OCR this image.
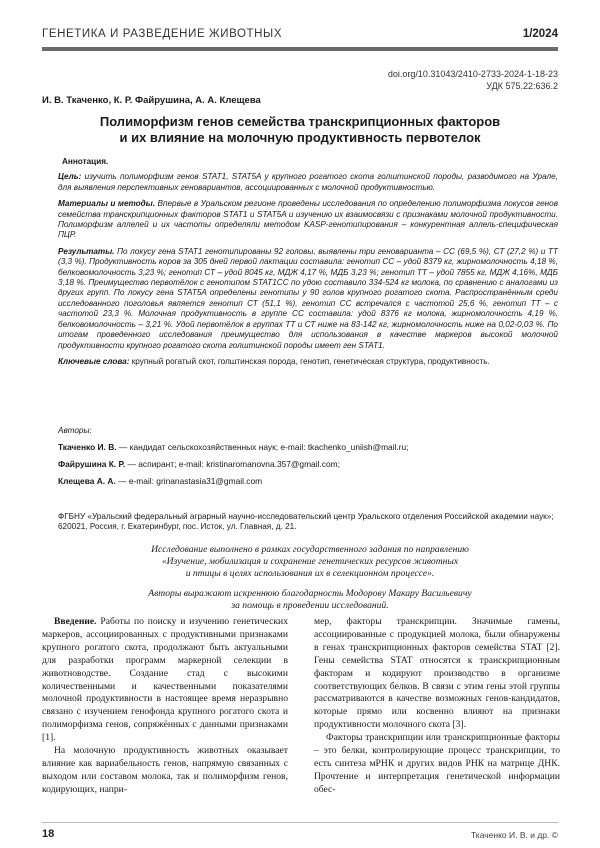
ГЕНЕТИКА И РАЗВЕДЕНИЕ ЖИВОТНЫХ	1/2024
doi.org/10.31043/2410-2733-2024-1-18-23
УДК 575.22:636.2
И. В. Ткаченко, К. Р. Файрушина, А. А. Клещева
Полиморфизм генов семейства транскрипционных факторов
и их влияние на молочную продуктивность первотелок
Аннотация.

Цель: изучить полиморфизм генов STAT1, STAT5A у крупного рогатого скота голштинской породы, разводимого на Урале, для выявления перспективных геновариантов, ассоциированных с молочной продуктивностью.

Материалы и методы. Впервые в Уральском регионе проведены исследования по определению полиморфизма локусов генов семейства транскрипционных факторов STAT1 и STAT5A и изучению их взаимосвязи с признаками молочной продуктивности. Полиморфизм аллелей и их частоты определяли методом KASP-генотипирования – конкурентная аллель-специфическая ПЦР.

Результаты. По локусу гена STAT1 генотипированы 92 головы, выявлены три геноварианта – СС (69,5 %), СТ (27,2 %) и ТТ (3,3 %). Продуктивность коров за 305 дней первой лактации составила: генотип СС – удой 8379 кг, жирномолочность 4,18 %, белковомолочность 3,23 %; генотип СТ – удой 8045 кг, МДЖ 4,17 %, МДБ 3,23 %; генотип ТТ – удой 7855 кг, МДЖ 4,16%, МДБ 3,18 %. Преимущество первотёлок с генотипом STAT1СС по удою составило 334-524 кг молока, по сравнению с аналогами из других групп. По локусу гена STAT5A определены генотипы у 90 голов крупного рогатого скота. Распространённым среди исследованного поголовья является генотип СТ (51,1 %), генотип СС встречался с частотой 25,6 %, генотип ТТ – с частотой 23,3 %. Молочная продуктивность в группе СС составила: удой 8376 кг молока, жирномолочность 4,19 %, белковомолочность – 3,21 %. Удой первотёлок в группах ТТ и СТ ниже на 83-142 кг, жирномолочность ниже на 0,02-0,03 %. По итогам проведенного исследования преимущество для использования в качестве маркеров высокой молочной продуктивности крупного рогатого скота голштинской породы имеет ген STAT1.

Ключевые слова: крупный рогатый скот, голштинская порода, генотип, генетическая структура, продуктивность.

Авторы:
Ткаченко И. В. — кандидат сельскохозяйственных наук; e-mail: tkachenko_uniish@mail.ru;
Файрушина К. Р. — аспирант; e-mail: kristinaromanovna.357@gmail.com;
Клещева А. А. — e-mail: grinanastasia31@gmail.com
ФГБНУ «Уральский федеральный аграрный научно-исследовательский центр Уральского отделения Российской академии наук»; 620021, Россия, г. Екатеринбург, пос. Исток, ул. Главная, д. 21.
Исследование выполнено в рамках государственного задания по направлению
«Изучение, мобилизация и сохранение генетических ресурсов животных
и птицы в целях использования их в селекционном процессе».
Авторы выражают искреннюю благодарность Модорову Макару Васильевичу
за помощь в проведении исследований.

Введение. Работы по поиску и изучению генетических маркеров, ассоциированных с продуктивными признаками крупного рогатого скота, продолжают быть актуальными для разработки программ маркерной селекции в животноводстве. Создание стад с высокими количественными и качественными показателями молочной продуктивности в настоящее время неразрывно связано с изучением генофонда крупного рогатого скота и полиморфизма генов, сопряжённых с данными признаками [1].

На молочную продуктивность животных оказывает влияние как вариабельность генов, напрямую связанных с выходом или составом молока, так и полиморфизм генов, кодирующих, напри-

мер, факторы транскрипции. Значимые гамены, ассоциированные с продукцией молока, были обнаружены в генах транскрипционных факторов семейства STAT [2]. Гены семейства STAT относятся к транскрипционным факторам и кодируют производство в организме соответствующих белков. В связи с этим гены этой группы рассматриваются в качестве возможных генов-кандидатов, которые прямо или косвенно влияют на признаки продуктивности молочного скота [3].

Факторы транскрипции или транскрипционные факторы – это белки, контролирующие процесс транскрипции, то есть синтеза мРНК и других видов РНК на матрице ДНК. Прочтение и интерпретация генетической информации обес-

18	Ткаченко И. В. и др. ©
